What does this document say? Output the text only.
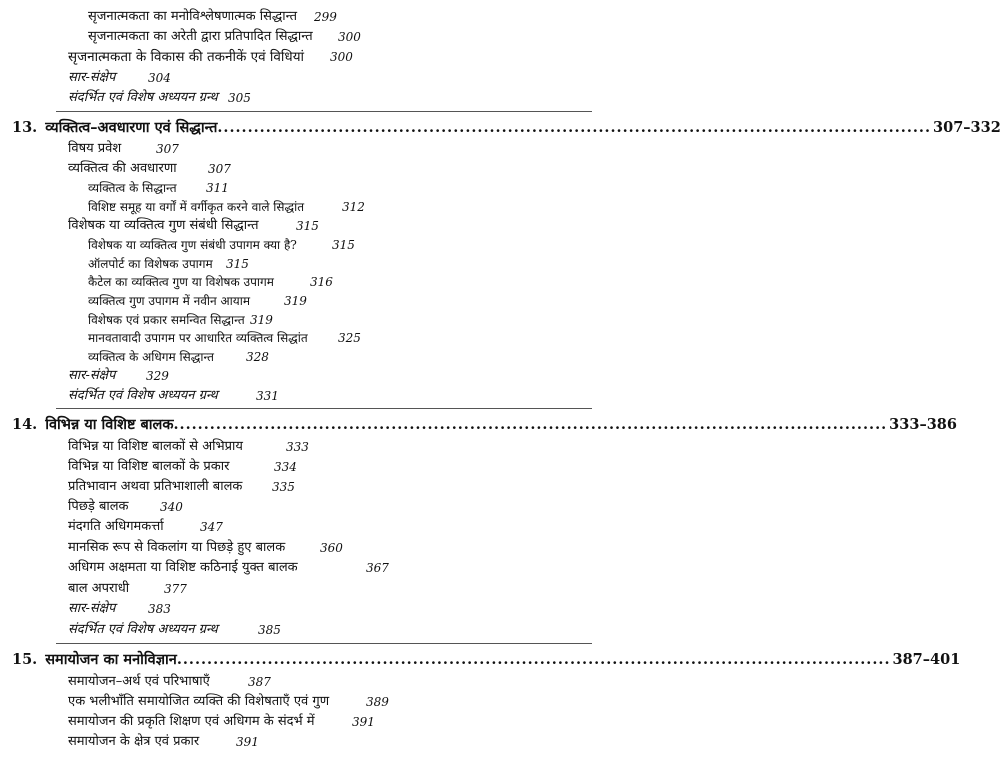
सृजनात्मकता का मनोविश्लेषणात्मक सिद्धान्त 299
सृजनात्मकता का अरेती द्वारा प्रतिपादित सिद्धान्त 300
सृजनात्मकता के विकास की तकनीकें एवं विधियां 300
सार-संक्षेप	304
संदर्भित एवं विशेष अध्ययन ग्रन्थ 305
13. व्यक्तित्व–अवधारणा एवं सिद्धान्त ...................................................................................................................... 307–332
विषय प्रवेश	307
व्यक्तित्व की अवधारणा	307
व्यक्तित्व के सिद्धान्त 311
विशिष्ट समूह या वर्गों में वर्गीकृत करने वाले सिद्धांत	312
विशेषक या व्यक्तित्व गुण संबंधी सिद्धान्त	315
विशेषक या व्यक्तित्व गुण संबंधी उपागम क्या है?	315
ऑलपोर्ट का विशेषक उपागम 315
कैटेल का व्यक्तित्व गुण या विशेषक उपागम	316
व्यक्तित्व गुण उपागम में नवीन आयाम	319
विशेषक एवं प्रकार समन्वित सिद्धान्त 319
मानवतावादी उपागम पर आधारित व्यक्तित्व सिद्धांत	325
व्यक्तित्व के अधिगम सिद्धान्त	328
सार-संक्षेप	329
संदर्भित एवं विशेष अध्ययन ग्रन्थ	331
14. विभिन्न या विशिष्ट बालक ...................................................................................................................... 333–386
विभिन्न या विशिष्ट बालकों से अभिप्राय	333
विभिन्न या विशिष्ट बालकों के प्रकार	334
प्रतिभावान अथवा प्रतिभाशाली बालक 335
पिछड़े बालक	340
मंदगति अधिगमकर्त्ता	347
मानसिक रूप से विकलांग या पिछड़े हुए बालक	360
अधिगम अक्षमता या विशिष्ट कठिनाई युक्त बालक	367
बाल अपराधी	377
सार-संक्षेप	383
संदर्भित एवं विशेष अध्ययन ग्रन्थ	385
15. समायोजन का मनोविज्ञान ...................................................................................................................... 387–401
समायोजन–अर्थ एवं परिभाषाएँ	387
एक भलीभाँति समायोजित व्यक्ति की विशेषताएँ एवं गुण	389
समायोजन की प्रकृति शिक्षण एवं अधिगम के संदर्भ में	391
समायोजन के क्षेत्र एवं प्रकार	391
